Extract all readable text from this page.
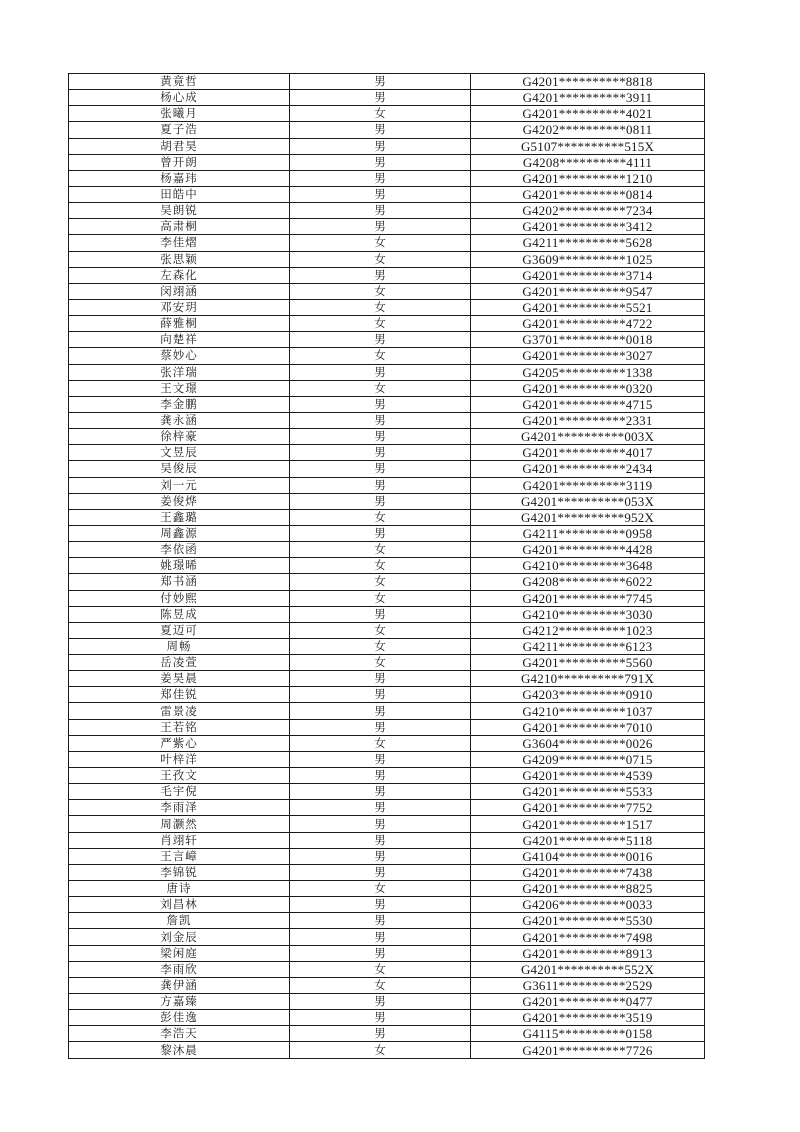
黄竟哲	男	G4201**********8818
杨心成	男	G4201**********3911
张曦月	女	G4201**********4021
夏子浩	男	G4202**********0811
胡君昊	男	G5107**********515X
曾开朗	男	G4208**********4111
杨嘉玮	男	G4201**********1210
田皓中	男	G4201**********0814
吴朗锐	男	G4202**********7234
高肃桐	男	G4201**********3412
李佳熠	女	G4211**********5628
张思颖	女	G3609**********1025
左森化	男	G4201**********3714
闵翊涵	女	G4201**********9547
邓安玥	女	G4201**********5521
薛雅桐	女	G4201**********4722
向楚祥	男	G3701**********0018
蔡妙心	女	G4201**********3027
张洋瑞	男	G4205**********1338
王文璟	女	G4201**********0320
李金鹏	男	G4201**********4715
龚永涵	男	G4201**********2331
徐梓豪	男	G4201**********003X
文昱辰	男	G4201**********4017
吴俊辰	男	G4201**********2434
刘一元	男	G4201**********3119
姜俊烨	男	G4201**********053X
王鑫璐	女	G4201**********952X
周鑫源	男	G4211**********0958
李依函	女	G4201**********4428
姚璟晞	女	G4210**********3648
郑书涵	女	G4208**********6022
付妙熙	女	G4201**********7745
陈昱成	男	G4210**********3030
夏迈可	女	G4212**********1023
周畅	女	G4211**********6123
岳凌萱	女	G4201**********5560
姜昊晨	男	G4210**********791X
郑佳锐	男	G4203**********0910
雷景凌	男	G4210**********1037
王若铭	男	G4201**********7010
严紫心	女	G3604**********0026
叶梓洋	男	G4209**********0715
王孜文	男	G4201**********4539
毛宇倪	男	G4201**********5533
李雨泽	男	G4201**********7752
周灏然	男	G4201**********1517
肖翊轩	男	G4201**********5118
王言嶂	男	G4104**********0016
李锦锐	男	G4201**********7438
唐诗	女	G4201**********8825
刘昌林	男	G4206**********0033
詹凯	男	G4201**********5530
刘金辰	男	G4201**********7498
梁闲庭	男	G4201**********8913
李雨欣	女	G4201**********552X
龚伊涵	女	G3611**********2529
方嘉臻	男	G4201**********0477
彭佳逸	男	G4201**********3519
李浩天	男	G4115**********0158
黎沐晨	女	G4201**********7726
